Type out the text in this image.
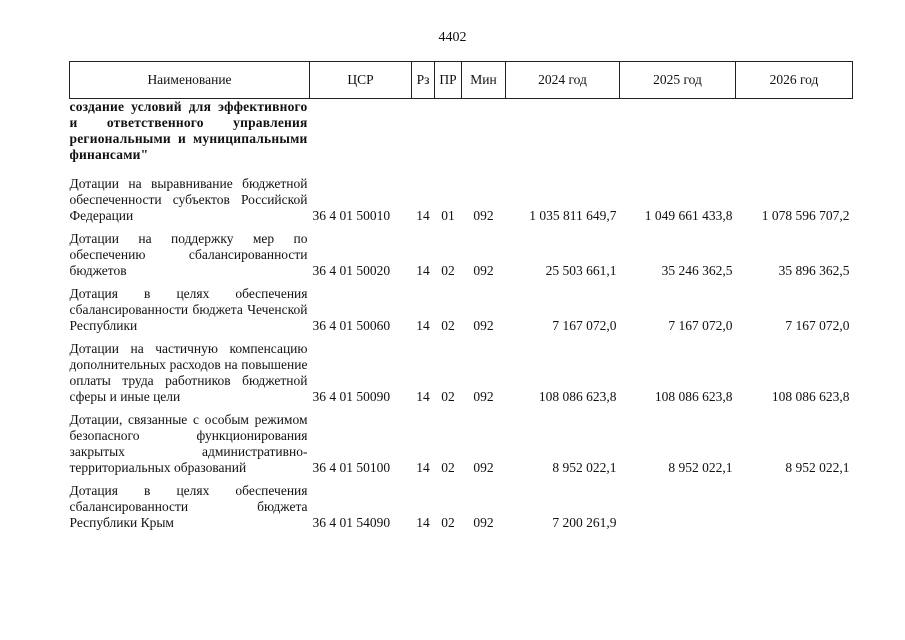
4402
Наименование	ЦСР	Рз	ПР	Мин	2024 год	2025 год	2026 год
создание условий для эффективного и ответственного управления региональными и муниципальными финансами"							
Дотации на выравнивание бюджетной обеспеченности субъектов Российской Федерации	36 4 01 50010	14	01	092	1 035 811 649,7	1 049 661 433,8	1 078 596 707,2
Дотации на поддержку мер по обеспечению сбалансированности бюджетов	36 4 01 50020	14	02	092	25 503 661,1	35 246 362,5	35 896 362,5
Дотация в целях обеспечения сбалансированности бюджета Чеченской Республики	36 4 01 50060	14	02	092	7 167 072,0	7 167 072,0	7 167 072,0
Дотации на частичную компенсацию дополнительных расходов на повышение оплаты труда работников бюджетной сферы и иные цели	36 4 01 50090	14	02	092	108 086 623,8	108 086 623,8	108 086 623,8
Дотации, связанные с особым режимом безопасного функционирования закрытых административно-территориальных образований	36 4 01 50100	14	02	092	8 952 022,1	8 952 022,1	8 952 022,1
Дотация в целях обеспечения сбалансированности бюджета Республики Крым	36 4 01 54090	14	02	092	7 200 261,9		
